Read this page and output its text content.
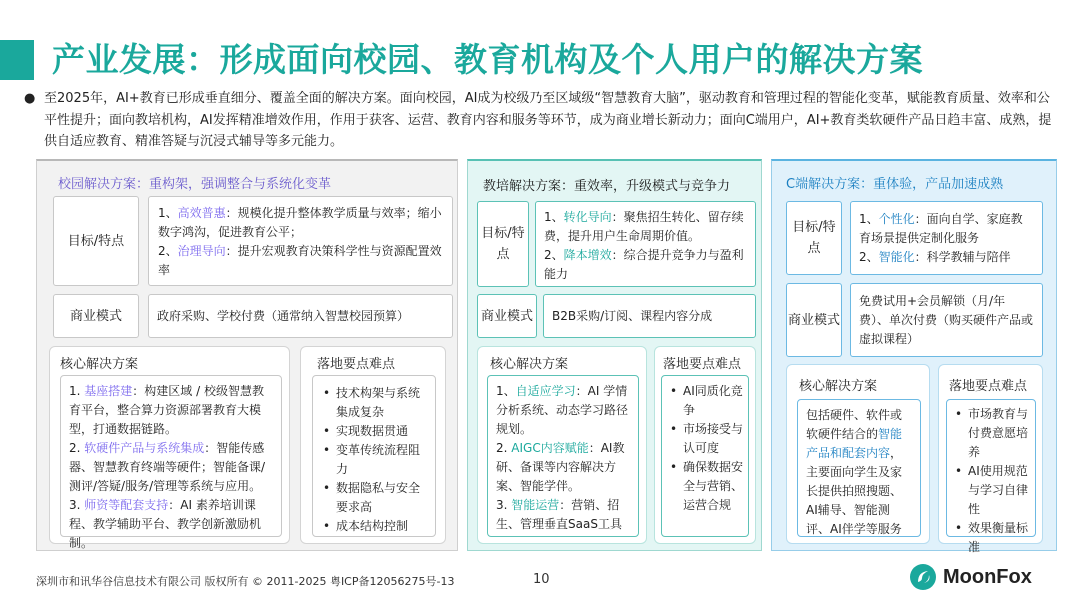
产业发展：形成面向校园、教育机构及个人用户的解决方案
● 至2025年，AI+教育已形成垂直细分、覆盖全面的解决方案。面向校园，AI成为校级乃至区域级“智慧教育大脑”，驱动教育和管理过程的智能化变革，赋能教育质量、效率和公平性提升；面向教培机构，AI发挥精准增效作用，作用于获客、运营、教育内容和服务等环节，成为商业增长新动力；面向C端用户，AI+教育类软硬件产品日趋丰富、成熟，提供自适应教育、精准答疑与沉浸式辅导等多元能力。
校园解决方案：重构架，强调整合与系统化变革
目标/特点
1、高效普惠：规模化提升整体教学质量与效率；缩小数字鸿沟，促进教育公平；
2、治理导向：提升宏观教育决策科学性与资源配置效率
商业模式	政府采购、学校付费（通常纳入智慧校园预算）
核心解决方案
1. 基座搭建：构建区域 / 校级智慧教育平台，整合算力资源部署教育大模型，打通数据链路。
2. 软硬件产品与系统集成：智能传感器、智慧教育终端等硬件；智能备课/测评/答疑/服务/管理等系统与应用。
3. 师资等配套支持：AI 素养培训课程、教学辅助平台、教学创新激励机制。
落地要点难点
• 技术构架与系统集成复杂
• 实现数据贯通
• 变革传统流程阻力
• 数据隐私与安全要求高
• 成本结构控制
教培解决方案：重效率，升级模式与竞争力
目标/特点
1、转化导向：聚焦招生转化、留存续费，提升用户生命周期价值。
2、降本增效：综合提升竞争力与盈利能力
商业模式	B2B采购/订阅、课程内容分成
核心解决方案
1、自适应学习：AI 学情分析系统、动态学习路径规划。
2. AIGC内容赋能：AI教研、备课等内容解决方案、智能学伴。
3. 智能运营：营销、招生、管理垂直SaaS工具
落地要点难点
• AI同质化竞争
• 市场接受与认可度
• 确保数据安全与营销、运营合规
C端解决方案：重体验，产品加速成熟
目标/特点
1、个性化：面向自学、家庭教育场景提供定制化服务
2、智能化：科学教辅与陪伴
商业模式
免费试用+会员解锁（月/年费）、单次付费（购买硬件产品或虚拟课程）
核心解决方案
包括硬件、软件或软硬件结合的智能产品和配套内容，主要面向学生及家长提供拍照搜题、AI辅导、智能测评、AI伴学等服务
落地要点难点
• 市场教育与付费意愿培养
• AI使用规范与学习自律性
• 效果衡量标准
深圳市和讯华谷信息技术有限公司 版权所有 © 2011-2025 粤ICP备12056275号-13	10	MoonFox
